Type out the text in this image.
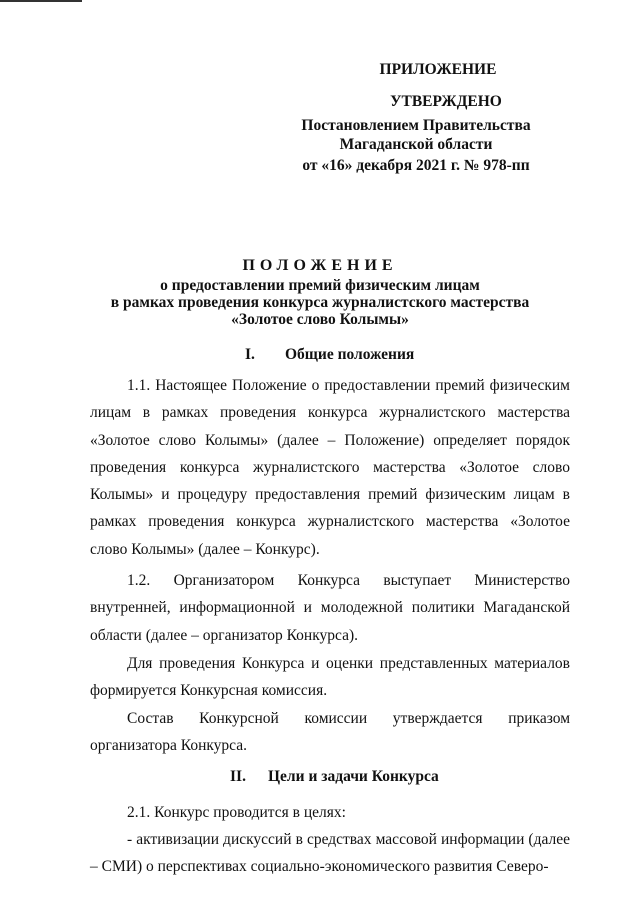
ПРИЛОЖЕНИЕ
УТВЕРЖДЕНО
Постановлением Правительства
Магаданской области
от «16» декабря 2021 г. № 978-пп
ПОЛОЖЕНИЕ
о предоставлении премий физическим лицам
в рамках проведения конкурса журналистского мастерства
«Золотое слово Колымы»
I. Общие положения
1.1. Настоящее Положение о предоставлении премий физическим лицам в рамках проведения конкурса журналистского мастерства «Золотое слово Колымы» (далее – Положение) определяет порядок проведения конкурса журналистского мастерства «Золотое слово Колымы» и процедуру предоставления премий физическим лицам в рамках проведения конкурса журналистского мастерства «Золотое слово Колымы» (далее – Конкурс).
1.2. Организатором Конкурса выступает Министерство внутренней, информационной и молодежной политики Магаданской области (далее – организатор Конкурса).
Для проведения Конкурса и оценки представленных материалов формируется Конкурсная комиссия.
Состав Конкурсной комиссии утверждается приказом организатора Конкурса.
II. Цели и задачи Конкурса
2.1. Конкурс проводится в целях:
- активизации дискуссий в средствах массовой информации (далее – СМИ) о перспективах социально-экономического развития Северо-
